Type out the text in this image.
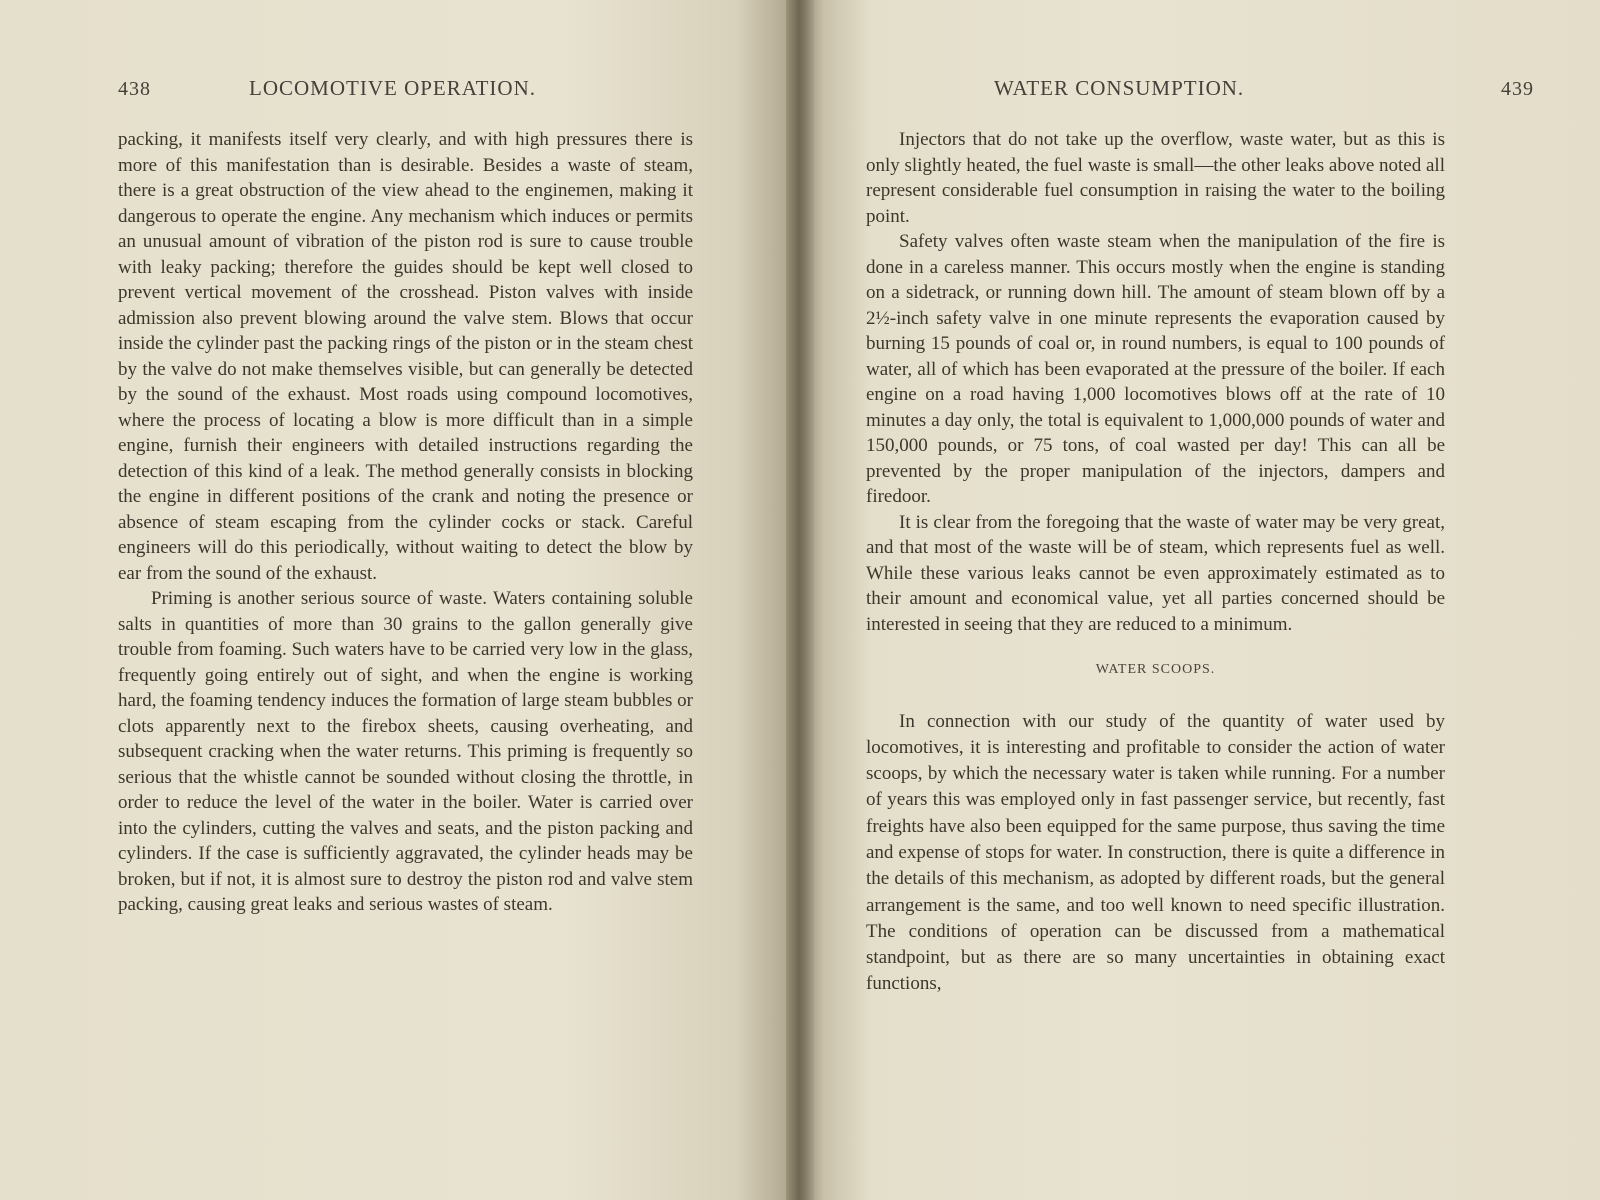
438	LOCOMOTIVE OPERATION.

packing, it manifests itself very clearly, and with high pressures there is more of this manifestation than is desirable. Besides a waste of steam, there is a great obstruction of the view ahead to the enginemen, making it dangerous to operate the engine. Any mechanism which induces or permits an unusual amount of vibration of the piston rod is sure to cause trouble with leaky packing; therefore the guides should be kept well closed to prevent vertical movement of the crosshead. Piston valves with inside admission also prevent blowing around the valve stem. Blows that occur inside the cylinder past the packing rings of the piston or in the steam chest by the valve do not make themselves visible, but can generally be detected by the sound of the exhaust. Most roads using compound locomotives, where the process of locating a blow is more difficult than in a simple engine, furnish their engineers with detailed instructions regarding the detection of this kind of a leak. The method generally consists in blocking the engine in different positions of the crank and noting the presence or absence of steam escaping from the cylinder cocks or stack. Careful engineers will do this periodically, without waiting to detect the blow by ear from the sound of the exhaust.

Priming is another serious source of waste. Waters containing soluble salts in quantities of more than 30 grains to the gallon generally give trouble from foaming. Such waters have to be carried very low in the glass, frequently going entirely out of sight, and when the engine is working hard, the foaming tendency induces the formation of large steam bubbles or clots apparently next to the firebox sheets, causing overheating, and subsequent cracking when the water returns. This priming is frequently so serious that the whistle cannot be sounded without closing the throttle, in order to reduce the level of the water in the boiler. Water is carried over into the cylinders, cutting the valves and seats, and the piston packing and cylinders. If the case is sufficiently aggravated, the cylinder heads may be broken, but if not, it is almost sure to destroy the piston rod and valve stem packing, causing great leaks and serious wastes of steam.

WATER CONSUMPTION.	439

Injectors that do not take up the overflow, waste water, but as this is only slightly heated, the fuel waste is small—the other leaks above noted all represent considerable fuel consumption in raising the water to the boiling point.

Safety valves often waste steam when the manipulation of the fire is done in a careless manner. This occurs mostly when the engine is standing on a sidetrack, or running down hill. The amount of steam blown off by a 2½-inch safety valve in one minute represents the evaporation caused by burning 15 pounds of coal or, in round numbers, is equal to 100 pounds of water, all of which has been evaporated at the pressure of the boiler. If each engine on a road having 1,000 locomotives blows off at the rate of 10 minutes a day only, the total is equivalent to 1,000,000 pounds of water and 150,000 pounds, or 75 tons, of coal wasted per day! This can all be prevented by the proper manipulation of the injectors, dampers and firedoor.

It is clear from the foregoing that the waste of water may be very great, and that most of the waste will be of steam, which represents fuel as well. While these various leaks cannot be even approximately estimated as to their amount and economical value, yet all parties concerned should be interested in seeing that they are reduced to a minimum.

WATER SCOOPS.

In connection with our study of the quantity of water used by locomotives, it is interesting and profitable to consider the action of water scoops, by which the necessary water is taken while running. For a number of years this was employed only in fast passenger service, but recently, fast freights have also been equipped for the same purpose, thus saving the time and expense of stops for water. In construction, there is quite a difference in the details of this mechanism, as adopted by different roads, but the general arrangement is the same, and too well known to need specific illustration. The conditions of operation can be discussed from a mathematical standpoint, but as there are so many uncertainties in obtaining exact functions,
